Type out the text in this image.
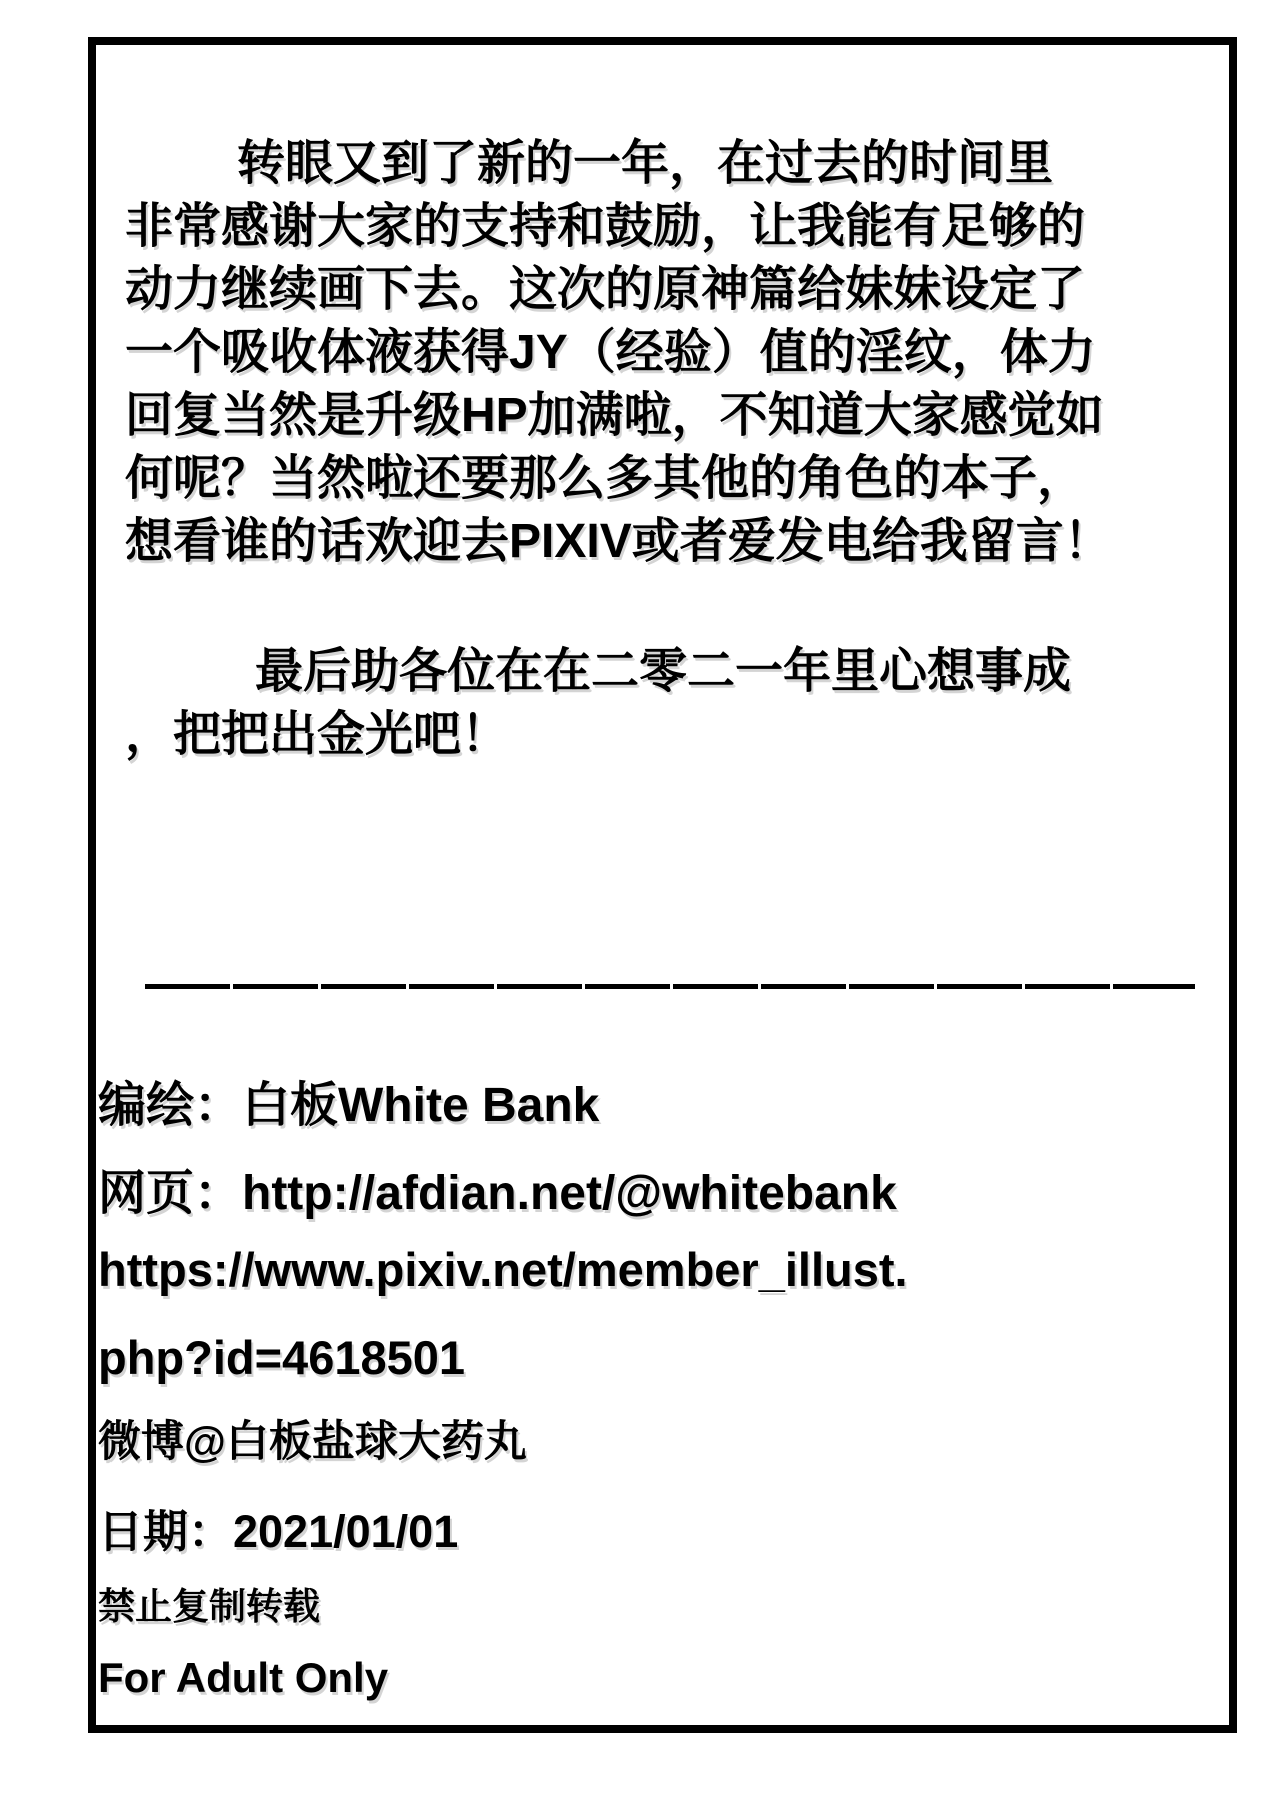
转眼又到了新的一年，在过去的时间里
非常感谢大家的支持和鼓励，让我能有足够的
动力继续画下去。这次的原神篇给妹妹设定了
一个吸收体液获得JY（经验）值的淫纹，体力
回复当然是升级HP加满啦，不知道大家感觉如
何呢？当然啦还要那么多其他的角色的本子，
想看谁的话欢迎去PIXIV或者爱发电给我留言！
最后助各位在在二零二一年里心想事成
，把把出金光吧！
编绘：白板White Bank
网页：http://afdian.net/@whitebank
https://www.pixiv.net/member_illust.
php?id=4618501
微博@白板盐球大药丸
日期：2021/01/01
禁止复制转载
For Adult Only
